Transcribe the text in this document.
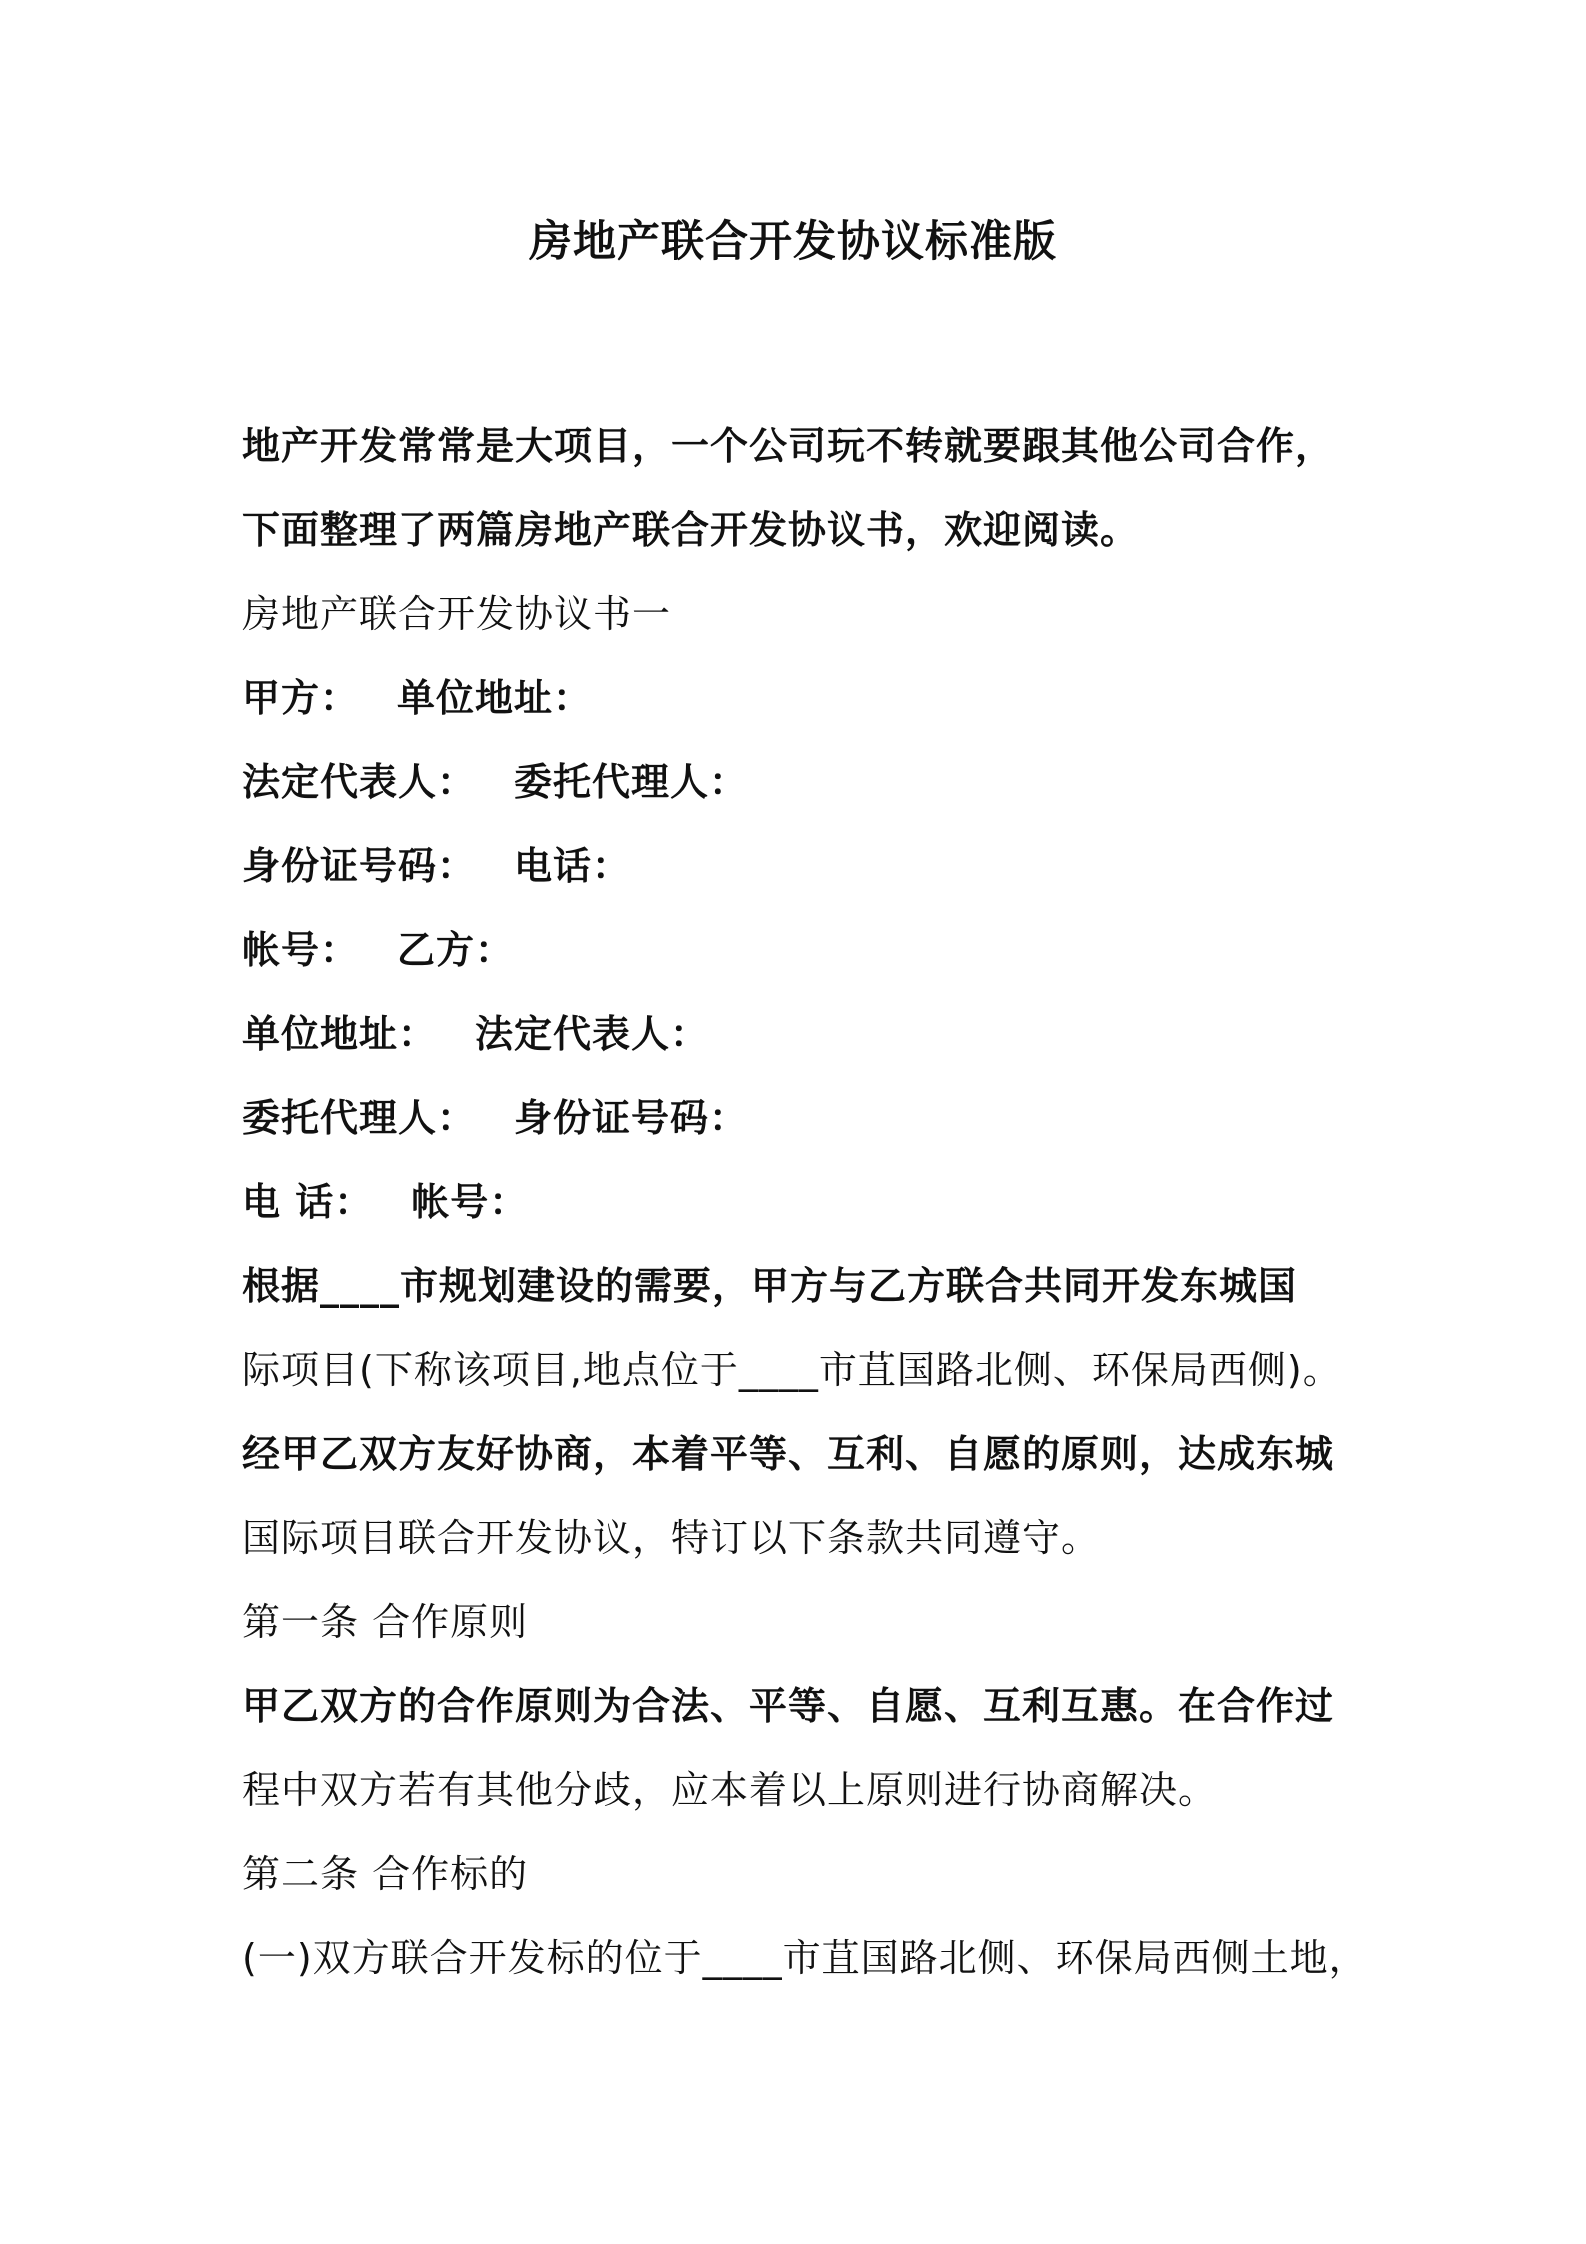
房地产联合开发协议标准版
地产开发常常是大项目，一个公司玩不转就要跟其他公司合作，
下面整理了两篇房地产联合开发协议书，欢迎阅读。
房地产联合开发协议书一
甲方： 单位地址：
法定代表人： 委托代理人：
身份证号码： 电话：
帐号： 乙方：
单位地址： 法定代表人：
委托代理人： 身份证号码：
电 话： 帐号：
根据____市规划建设的需要，甲方与乙方联合共同开发东城国
际项目(下称该项目,地点位于____市苴国路北侧、环保局西侧)。
经甲乙双方友好协商，本着平等、互利、自愿的原则，达成东城
国际项目联合开发协议，特订以下条款共同遵守。
第一条 合作原则
甲乙双方的合作原则为合法、平等、自愿、互利互惠。在合作过
程中双方若有其他分歧，应本着以上原则进行协商解决。
第二条 合作标的
(一)双方联合开发标的位于____市苴国路北侧、环保局西侧土地，
